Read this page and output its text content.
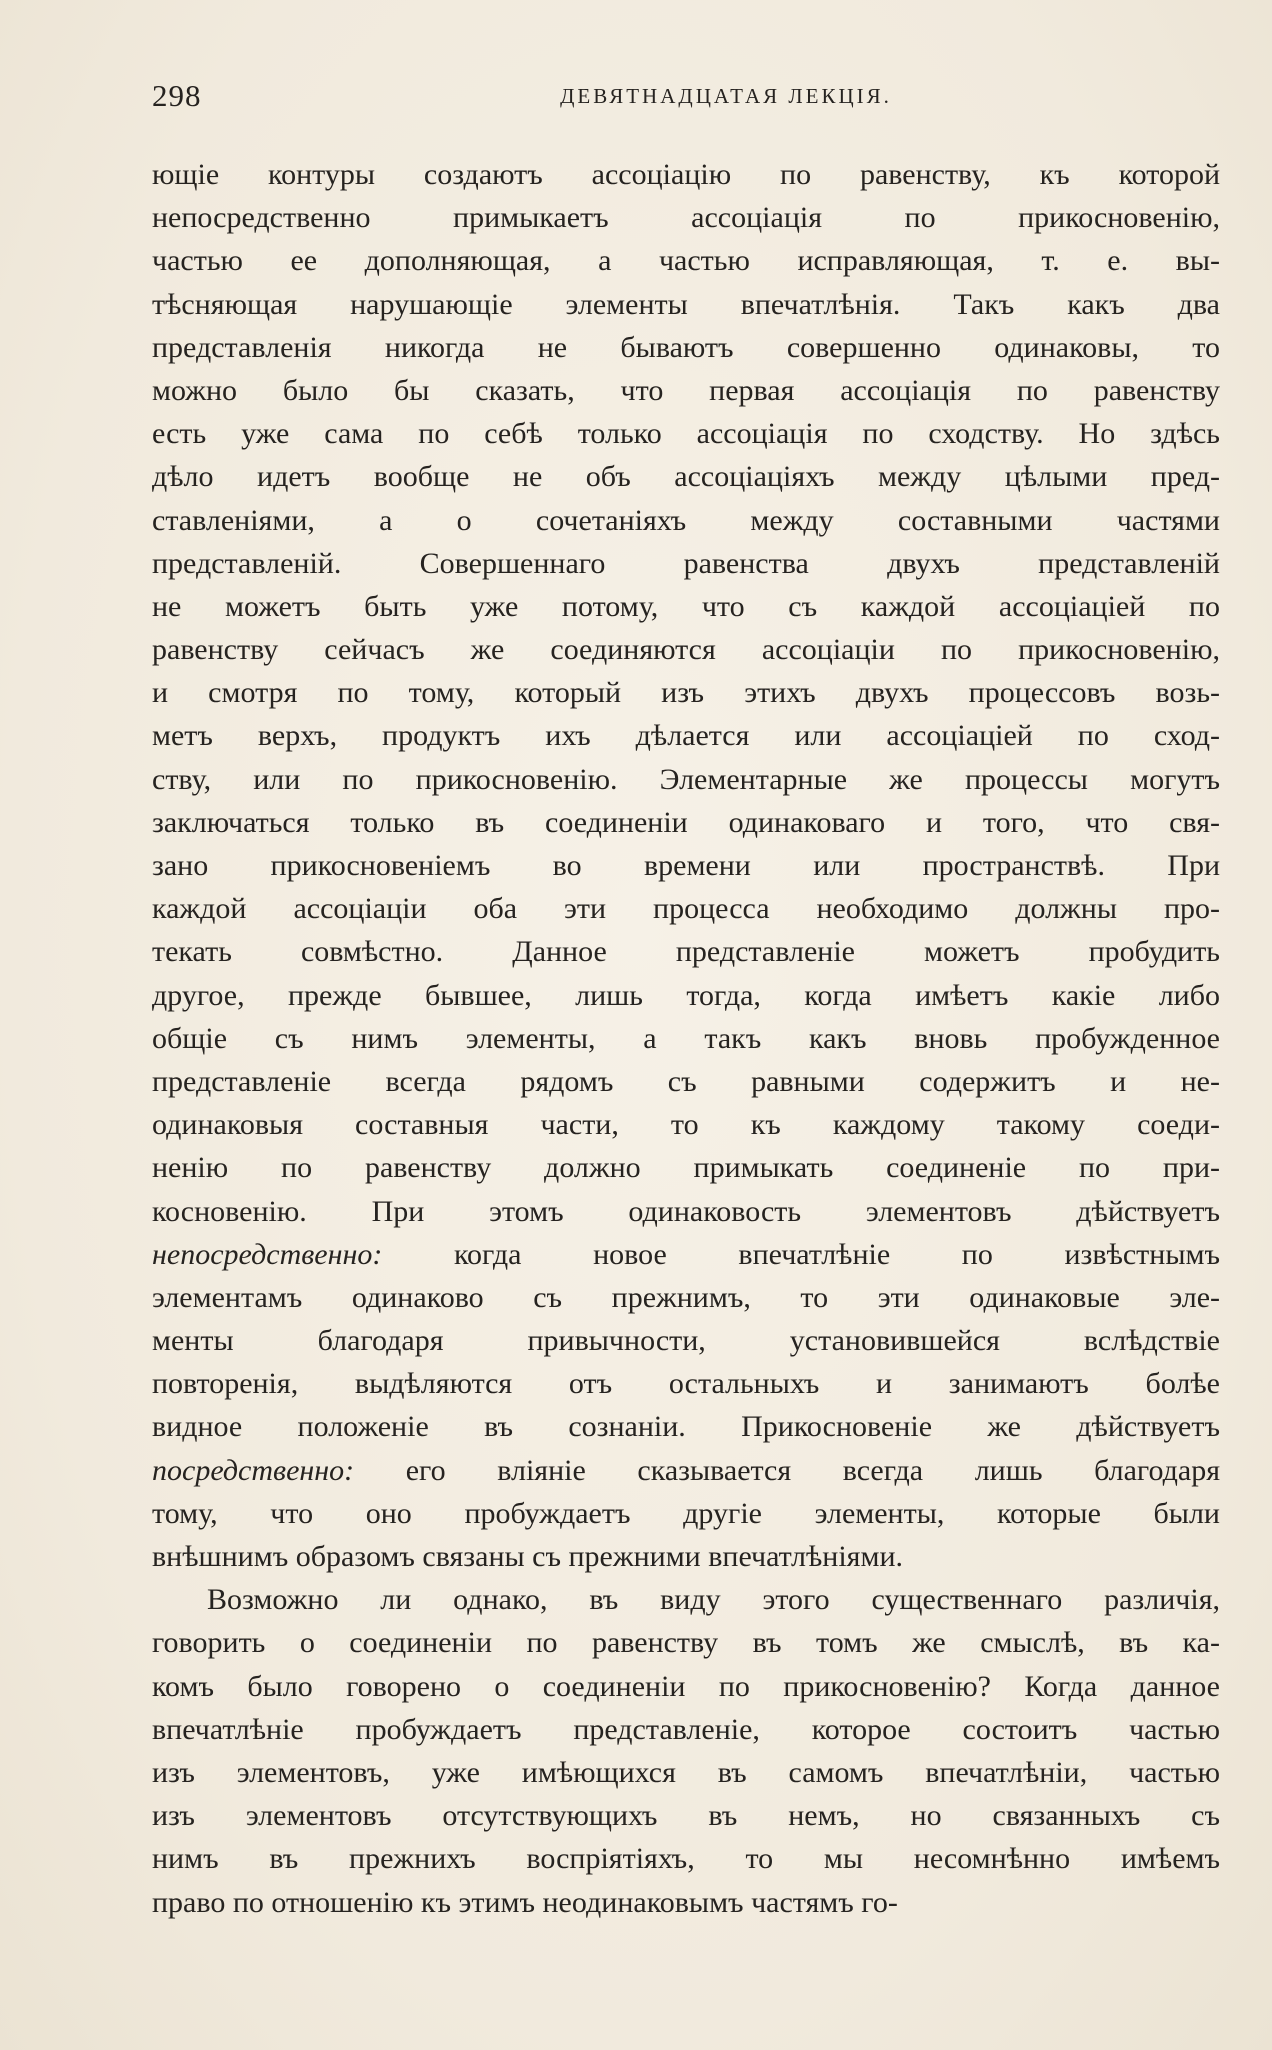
298	ДЕВЯТНАДЦАТАЯ ЛЕКЦІЯ.
ющіе контуры создаютъ ассоціацію по равенству, къ которой
непосредственно примыкаетъ ассоціація по прикосновенію,
частью ее дополняющая, а частью исправляющая, т. е. вы-
тѣсняющая нарушающіе элементы впечатлѣнія. Такъ какъ два
представленія никогда не бываютъ совершенно одинаковы, то
можно было бы сказать, что первая ассоціація по равенству
есть уже сама по себѣ только ассоціація по сходству. Но здѣсь
дѣло идетъ вообще не объ ассоціаціяхъ между цѣлыми пред-
ставленіями, а о сочетаніяхъ между составными частями
представленій. Совершеннаго равенства двухъ представленій
не можетъ быть уже потому, что съ каждой ассоціаціей по
равенству сейчасъ же соединяются ассоціаціи по прикосновенію,
и смотря по тому, который изъ этихъ двухъ процессовъ возь-
метъ верхъ, продуктъ ихъ дѣлается или ассоціаціей по сход-
ству, или по прикосновенію. Элементарные же процессы могутъ
заключаться только въ соединеніи одинаковаго и того, что свя-
зано прикосновеніемъ во времени или пространствѣ. При
каждой ассоціаціи оба эти процесса необходимо должны про-
текать совмѣстно. Данное представленіе можетъ пробудить
другое, прежде бывшее, лишь тогда, когда имѣетъ какіе либо
общіе съ нимъ элементы, а такъ какъ вновь пробужденное
представленіе всегда рядомъ съ равными содержитъ и не-
одинаковыя составныя части, то къ каждому такому соеди-
ненію по равенству должно примыкать соединеніе по при-
косновенію. При этомъ одинаковость элементовъ дѣйствуетъ
непосредственно: когда новое впечатлѣніе по извѣстнымъ
элементамъ одинаково съ прежнимъ, то эти одинаковые эле-
менты благодаря привычности, установившейся вслѣдствіе
повторенія, выдѣляются отъ остальныхъ и занимаютъ болѣе
видное положеніе въ сознаніи. Прикосновеніе же дѣйствуетъ
посредственно: его вліяніе сказывается всегда лишь благодаря
тому, что оно пробуждаетъ другіе элементы, которые были
внѣшнимъ образомъ связаны съ прежними впечатлѣніями.
Возможно ли однако, въ виду этого существеннаго различія,
говорить о соединеніи по равенству въ томъ же смыслѣ, въ ка-
комъ было говорено о соединеніи по прикосновенію? Когда данное
впечатлѣніе пробуждаетъ представленіе, которое состоитъ частью
изъ элементовъ, уже имѣющихся въ самомъ впечатлѣніи, частью
изъ элементовъ отсутствующихъ въ немъ, но связанныхъ съ
нимъ въ прежнихъ воспріятіяхъ, то мы несомнѣнно имѣемъ
право по отношенію къ этимъ неодинаковымъ частямъ го-
